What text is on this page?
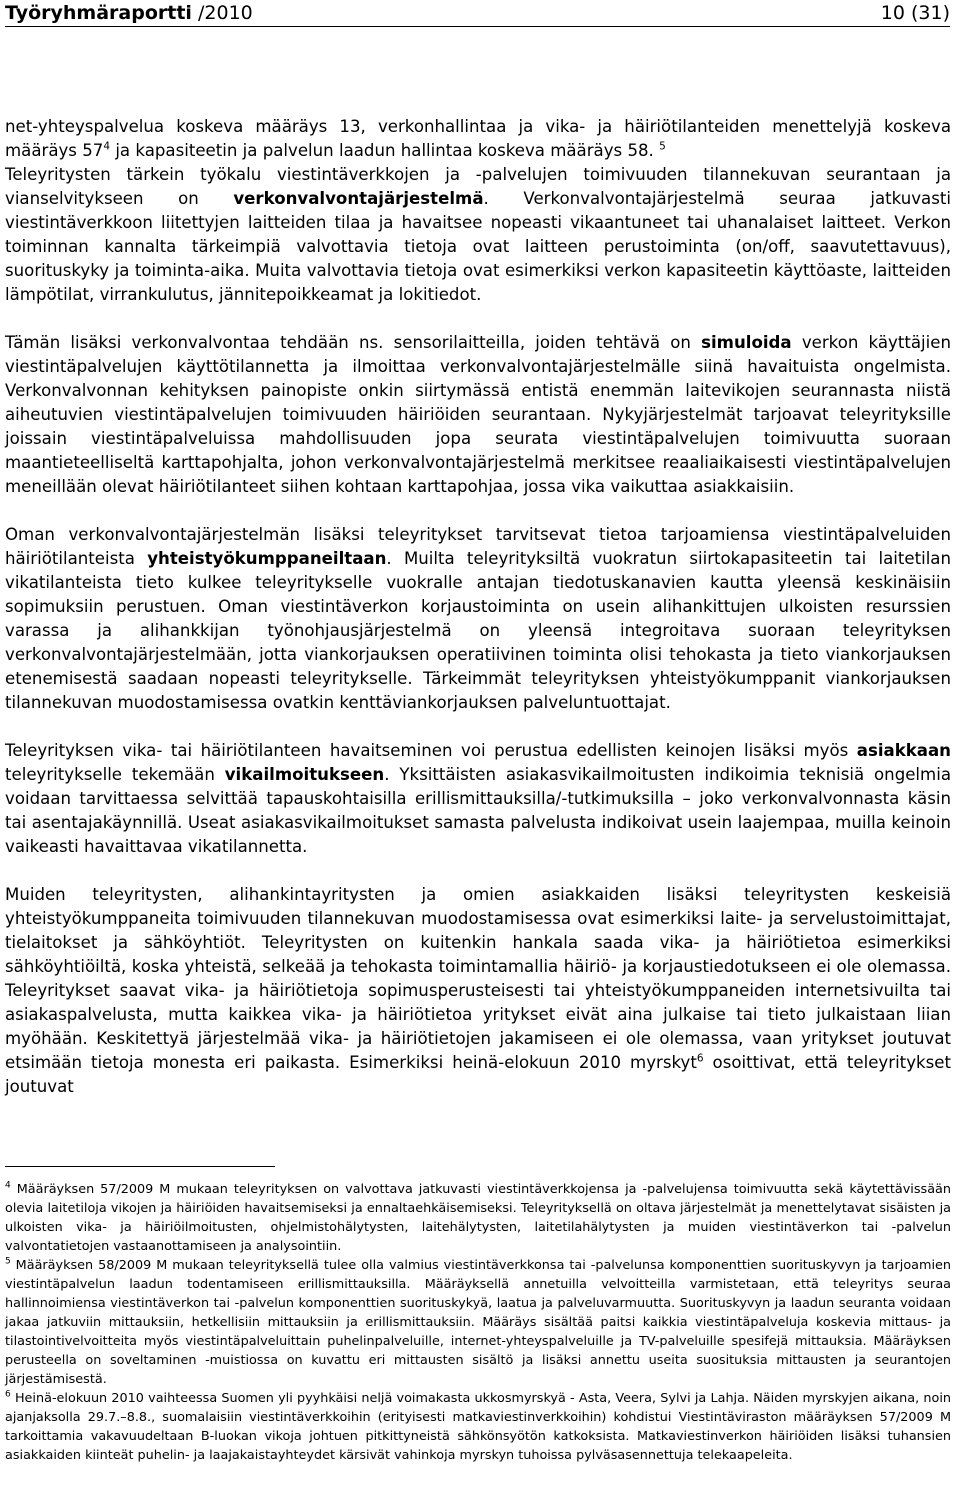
Työryhmäraportti /2010	10 (31)

net-yhteyspalvelua koskeva määräys 13, verkonhallintaa ja vika- ja häiriötilanteiden menettelyjä koskeva määräys $57^4$ ja kapasiteetin ja palvelun laadun hallintaa koskeva määräys 58. $^5$

Teleyritysten tärkein työkalu viestintäverkkojen ja -palvelujen toimivuuden tilannekuvan seurantaan ja vianselvitykseen on verkonvalvontajärjestelmä. Verkonvalvontajärjestelmä seuraa jatkuvasti viestintäverkkoon liitettyjen laitteiden tilaa ja havaitsee nopeasti vikaantuneet tai uhanalaiset laitteet. Verkon toiminnan kannalta tärkeimpiä valvottavia tietoja ovat laitteen perustoiminta (on/off, saavutettavuus), suorituskyky ja toiminta-aika. Muita valvottavia tietoja ovat esimerkiksi verkon kapasiteetin käyttöaste, laitteiden lämpötilat, virrankulutus, jännitepoikkeamat ja lokitiedot.

Tämän lisäksi verkonvalvontaa tehdään ns. sensorilaitteilla, joiden tehtävä on simuloida verkon käyttäjien viestintäpalvelujen käyttötilannetta ja ilmoittaa verkonvalvontajärjestelmälle siinä havaituista ongelmista. Verkonvalvonnan kehityksen painopiste onkin siirtymässä entistä enemmän laitevikojen seurannasta niistä aiheutuvien viestintäpalvelujen toimivuuden häiriöiden seurantaan. Nykyjärjestelmät tarjoavat teleyrityksille joissain viestintäpalveluissa mahdollisuuden jopa seurata viestintäpalvelujen toimivuutta suoraan maantieteelliseltä karttapohjalta, johon verkonvalvontajärjestelmä merkitsee reaaliaikaisesti viestintäpalvelujen meneillään olevat häiriötilanteet siihen kohtaan karttapohjaa, jossa vika vaikuttaa asiakkaisiin.

Oman verkonvalvontajärjestelmän lisäksi teleyritykset tarvitsevat tietoa tarjoamiensa viestintäpalveluiden häiriötilanteista yhteistyökumppaneiltaan. Muilta teleyrityksiltä vuokratun siirtokapasiteetin tai laitetilan vikatilanteista tieto kulkee teleyritykselle vuokralle antajan tiedotuskanavien kautta yleensä keskinäisiin sopimuksiin perustuen. Oman viestintäverkon korjaustoiminta on usein alihankittujen ulkoisten resurssien varassa ja alihankkijan työnohjausjärjestelmä on yleensä integroitava suoraan teleyrityksen verkonvalvontajärjestelmään, jotta viankorjauksen operatiivinen toiminta olisi tehokasta ja tieto viankorjauksen etenemisestä saadaan nopeasti teleyritykselle. Tärkeimmät teleyrityksen yhteistyökumppanit viankorjauksen tilannekuvan muodostamisessa ovatkin kenttäviankorjauksen palveluntuottajat.

Teleyrityksen vika- tai häiriötilanteen havaitseminen voi perustua edellisten keinojen lisäksi myös asiakkaan teleyritykselle tekemään vikailmoitukseen. Yksittäisten asiakasvikailmoitusten indikoimia teknisiä ongelmia voidaan tarvittaessa selvittää tapauskohtaisilla erillismittauksilla/-tutkimuksilla – joko verkonvalvonnasta käsin tai asentajakäynnillä. Useat asiakasvikailmoitukset samasta palvelusta indikoivat usein laajempaa, muilla keinoin vaikeasti havaittavaa vikatilannetta.

Muiden teleyritysten, alihankintayritysten ja omien asiakkaiden lisäksi teleyritysten keskeisiä yhteistyökumppaneita toimivuuden tilannekuvan muodostamisessa ovat esimerkiksi laite- ja servelustoimittajat, tielaitokset ja sähköyhtiöt. Teleyritysten on kuitenkin hankala saada vika- ja häiriötietoa esimerkiksi sähköyhtiöiltä, koska yhteistä, selkeää ja tehokasta toimintamallia häiriö- ja korjaustiedotukseen ei ole olemassa. Teleyritykset saavat vika- ja häiriötietoja sopimusperusteisesti tai yhteistyökumppaneiden internetsivuilta tai asiakaspalvelusta, mutta kaikkea vika- ja häiriötietoa yritykset eivät aina julkaise tai tieto julkaistaan liian myöhään. Keskitettyä järjestelmää vika- ja häiriötietojen jakamiseen ei ole olemassa, vaan yritykset joutuvat etsimään tietoja monesta eri paikasta. Esimerkiksi heinä-elokuun 2010 myrskyt$^6$ osoittivat, että teleyritykset joutuvat

$^4$ Määräyksen 57/2009 M mukaan teleyrityksen on valvottava jatkuvasti viestintäverkkojensa ja -palvelujensa toimivuutta sekä käytettävissään olevia laitetiloja vikojen ja häiriöiden havaitsemiseksi ja ennaltaehkäisemiseksi. Teleyrityksellä on oltava järjestelmät ja menettelytavat sisäisten ja ulkoisten vika- ja häiriöilmoitusten, ohjelmistohälytysten, laitehälytysten, laitetilahälytysten ja muiden viestintäverkon tai -palvelun valvontatietojen vastaanottamiseen ja analysointiin.

$^5$ Määräyksen 58/2009 M mukaan teleyrityksellä tulee olla valmius viestintäverkkonsa tai -palvelunsa komponenttien suorituskyvyn ja tarjoamien viestintäpalvelun laadun todentamiseen erillismittauksilla. Määräyksellä annetuilla velvoitteilla varmistetaan, että teleyritys seuraa hallinnoimiensa viestintäverkon tai -palvelun komponenttien suorituskykyä, laatua ja palveluvarmuutta. Suorituskyvyn ja laadun seuranta voidaan jakaa jatkuviin mittauksiin, hetkellisiin mittauksiin ja erillismittauksiin. Määräys sisältää paitsi kaikkia viestintäpalveluja koskevia mittaus- ja tilastointivelvoitteita myös viestintäpalveluittain puhelinpalveluille, internet-yhteyspalveluille ja TV-palveluille spesifejä mittauksia. Määräyksen perusteella on soveltaminen -muistiossa on kuvattu eri mittausten sisältö ja lisäksi annettu useita suosituksia mittausten ja seurantojen järjestämisestä.

$^6$ Heinä-elokuun 2010 vaihteessa Suomen yli pyyhkäisi neljä voimakasta ukkosmyrskyä - Asta, Veera, Sylvi ja Lahja. Näiden myrskyjen aikana, noin ajanjaksolla 29.7.–8.8., suomalaisiin viestintäverkkoihin (erityisesti matkaviestinverkkoihin) kohdistui Viestintäviraston määräyksen 57/2009 M tarkoittamia vakavuudeltaan B-luokan vikoja johtuen pitkittyneistä sähkönsyötön katkoksista. Matkaviestinverkon häiriöiden lisäksi tuhansien asiakkaiden kiinteät puhelin- ja laajakaistayhteydet kärsivät vahinkoja myrskyn tuhoissa pylväsasennettuja telekaapeleita.
